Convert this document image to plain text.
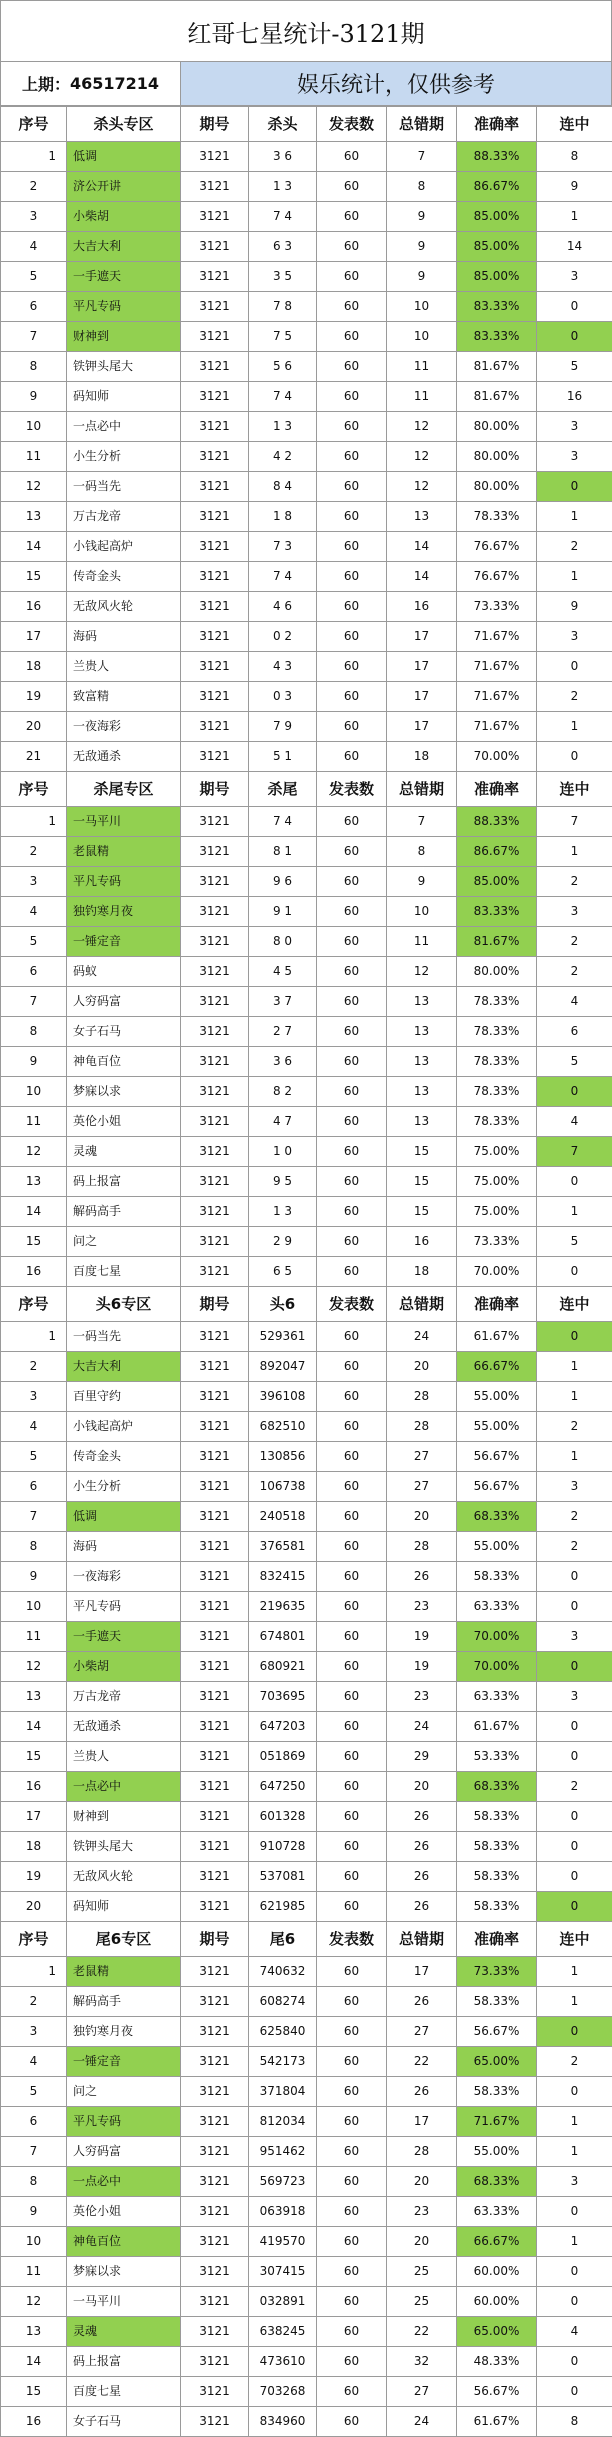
红哥七星统计-3121期
上期： 46517214	娱乐统计，仅供参考
序号	杀头专区	期号	杀头	发表数	总错期	准确率	连中
1	低调	3121	3 6	60	7	88.33%	8
2	济公开讲	3121	1 3	60	8	86.67%	9
3	小柴胡	3121	7 4	60	9	85.00%	1
4	大吉大利	3121	6 3	60	9	85.00%	14
5	一手遮天	3121	3 5	60	9	85.00%	3
6	平凡专码	3121	7 8	60	10	83.33%	0
7	财神到	3121	7 5	60	10	83.33%	0
8	铁钾头尾大	3121	5 6	60	11	81.67%	5
9	码知师	3121	7 4	60	11	81.67%	16
10	一点必中	3121	1 3	60	12	80.00%	3
11	小生分析	3121	4 2	60	12	80.00%	3
12	一码当先	3121	8 4	60	12	80.00%	0
13	万古龙帝	3121	1 8	60	13	78.33%	1
14	小钱起高炉	3121	7 3	60	14	76.67%	2
15	传奇金头	3121	7 4	60	14	76.67%	1
16	无敌风火轮	3121	4 6	60	16	73.33%	9
17	海码	3121	0 2	60	17	71.67%	3
18	兰贵人	3121	4 3	60	17	71.67%	0
19	致富精	3121	0 3	60	17	71.67%	2
20	一夜海彩	3121	7 9	60	17	71.67%	1
21	无敌通杀	3121	5 1	60	18	70.00%	0
序号	杀尾专区	期号	杀尾	发表数	总错期	准确率	连中
1	一马平川	3121	7 4	60	7	88.33%	7
2	老鼠精	3121	8 1	60	8	86.67%	1
3	平凡专码	3121	9 6	60	9	85.00%	2
4	独钓寒月夜	3121	9 1	60	10	83.33%	3
5	一锤定音	3121	8 0	60	11	81.67%	2
6	码蚁	3121	4 5	60	12	80.00%	2
7	人穷码富	3121	3 7	60	13	78.33%	4
8	女子石马	3121	2 7	60	13	78.33%	6
9	神龟百位	3121	3 6	60	13	78.33%	5
10	梦寐以求	3121	8 2	60	13	78.33%	0
11	英伦小姐	3121	4 7	60	13	78.33%	4
12	灵魂	3121	1 0	60	15	75.00%	7
13	码上报富	3121	9 5	60	15	75.00%	0
14	解码高手	3121	1 3	60	15	75.00%	1
15	问之	3121	2 9	60	16	73.33%	5
16	百度七星	3121	6 5	60	18	70.00%	0
序号	头6专区	期号	头6	发表数	总错期	准确率	连中
1	一码当先	3121	529361	60	24	61.67%	0
2	大吉大利	3121	892047	60	20	66.67%	1
3	百里守约	3121	396108	60	28	55.00%	1
4	小钱起高炉	3121	682510	60	28	55.00%	2
5	传奇金头	3121	130856	60	27	56.67%	1
6	小生分析	3121	106738	60	27	56.67%	3
7	低调	3121	240518	60	20	68.33%	2
8	海码	3121	376581	60	28	55.00%	2
9	一夜海彩	3121	832415	60	26	58.33%	0
10	平凡专码	3121	219635	60	23	63.33%	0
11	一手遮天	3121	674801	60	19	70.00%	3
12	小柴胡	3121	680921	60	19	70.00%	0
13	万古龙帝	3121	703695	60	23	63.33%	3
14	无敌通杀	3121	647203	60	24	61.67%	0
15	兰贵人	3121	051869	60	29	53.33%	0
16	一点必中	3121	647250	60	20	68.33%	2
17	财神到	3121	601328	60	26	58.33%	0
18	铁钾头尾大	3121	910728	60	26	58.33%	0
19	无敌风火轮	3121	537081	60	26	58.33%	0
20	码知师	3121	621985	60	26	58.33%	0
序号	尾6专区	期号	尾6	发表数	总错期	准确率	连中
1	老鼠精	3121	740632	60	17	73.33%	1
2	解码高手	3121	608274	60	26	58.33%	1
3	独钓寒月夜	3121	625840	60	27	56.67%	0
4	一锤定音	3121	542173	60	22	65.00%	2
5	问之	3121	371804	60	26	58.33%	0
6	平凡专码	3121	812034	60	17	71.67%	1
7	人穷码富	3121	951462	60	28	55.00%	1
8	一点必中	3121	569723	60	20	68.33%	3
9	英伦小姐	3121	063918	60	23	63.33%	0
10	神龟百位	3121	419570	60	20	66.67%	1
11	梦寐以求	3121	307415	60	25	60.00%	0
12	一马平川	3121	032891	60	25	60.00%	0
13	灵魂	3121	638245	60	22	65.00%	4
14	码上报富	3121	473610	60	32	48.33%	0
15	百度七星	3121	703268	60	27	56.67%	0
16	女子石马	3121	834960	60	24	61.67%	8
